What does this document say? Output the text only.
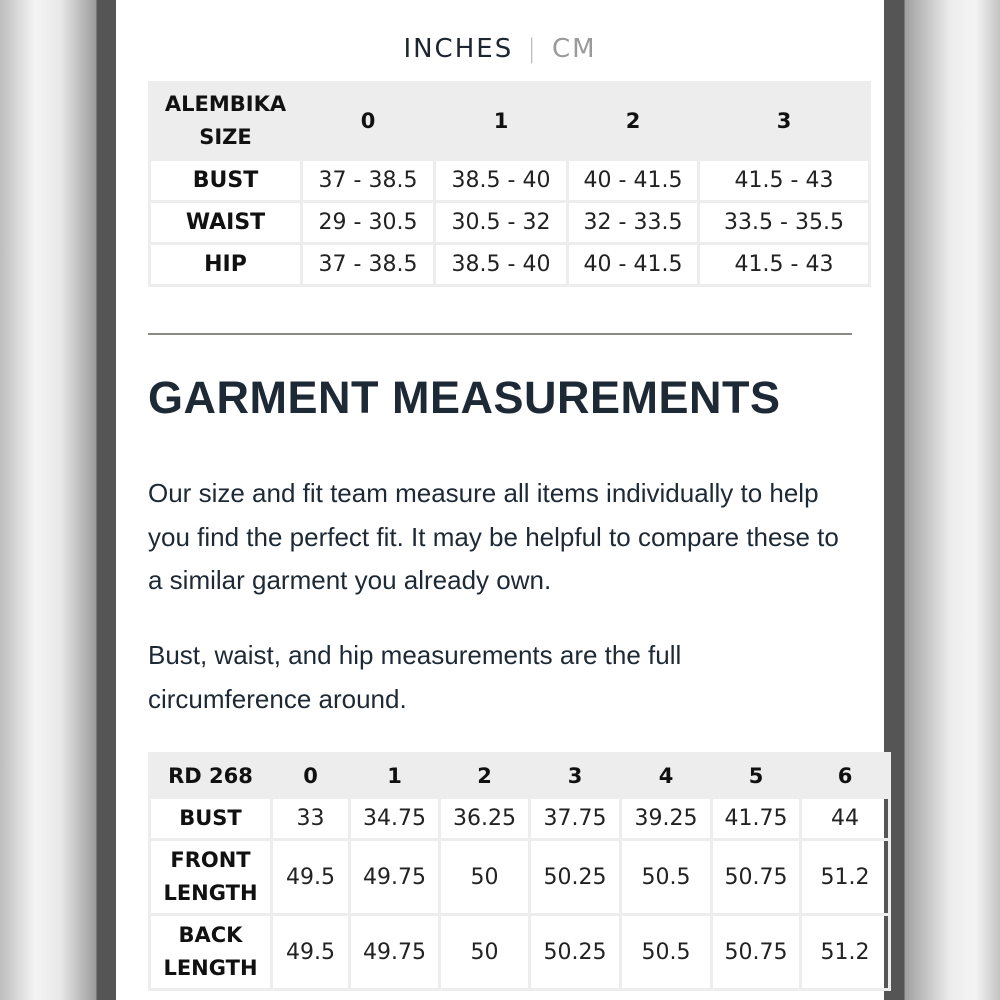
INCHES | CM
ALEMBIKA
SIZE	0	1	2	3
BUST	37 - 38.5	38.5 - 40	40 - 41.5	41.5 - 43
WAIST	29 - 30.5	30.5 - 32	32 - 33.5	33.5 - 35.5
HIP	37 - 38.5	38.5 - 40	40 - 41.5	41.5 - 43
GARMENT MEASUREMENTS

Our size and fit team measure all items individually to help you find the perfect fit. It may be helpful to compare these to a similar garment you already own.

Bust, waist, and hip measurements are the full circumference around.

RD 268	0	1	2	3	4	5	6
BUST	33	34.75	36.25	37.75	39.25	41.75	44
FRONT
LENGTH	49.5	49.75	50	50.25	50.5	50.75	51.2
BACK
LENGTH	49.5	49.75	50	50.25	50.5	50.75	51.2
